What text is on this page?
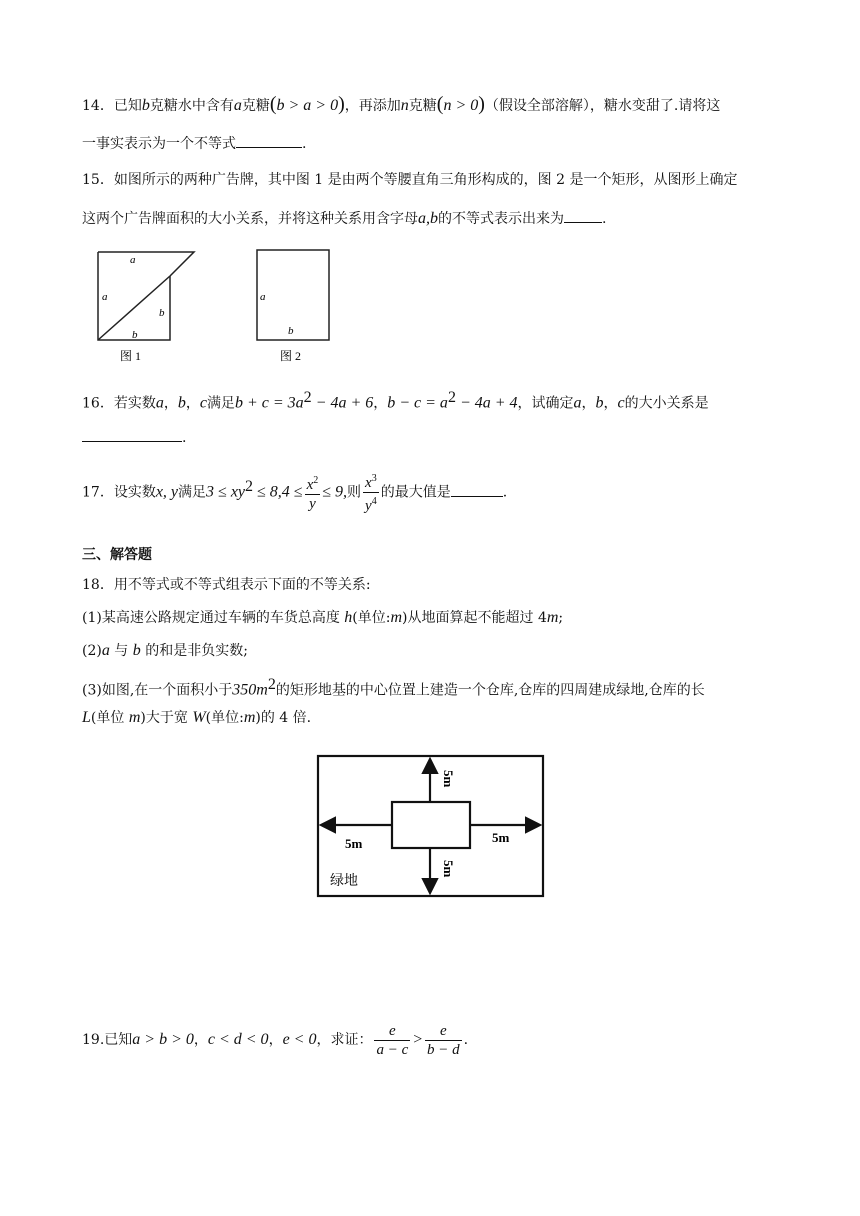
14．已知b克糖水中含有a克糖(b > a > 0)，再添加n克糖(n > 0)（假设全部溶解），糖水变甜了.请将这
一事实表示为一个不等式	.
15．如图所示的两种广告牌，其中图 1 是由两个等腰直角三角形构成的，图 2 是一个矩形，从图形上确定
这两个广告牌面积的大小关系，并将这种关系用含字母a,b的不等式表示出来为	.
a
a
b
b
图 1
a
b
图 2
16．若实数a，b，c满足$b + c = 3a^2 - 4a + 6$，$b - c = a^2 - 4a + 4$，试确定a，b，c的大小关系是
.
17．设实数x, y满足$3 \le xy^2 \le 8,4 \le \frac{x^2}{y} \le 9$,则 $\frac{x^3}{y^4}$ 的最大值是	.
三、解答题
18．用不等式或不等式组表示下面的不等关系:
(1)某高速公路规定通过车辆的车货总高度 h(单位:m)从地面算起不能超过 4m;
(2)a 与 b 的和是非负实数;
(3)如图,在一个面积小于$350m^2$的矩形地基的中心位置上建造一个仓库,仓库的四周建成绿地,仓库的长
L(单位 m)大于宽 W(单位:m)的 4 倍.
5m
5m
5m	5m
绿地
19.已知a > b > 0，c < d < 0，e < 0，求证： $\frac{e}{a - c} > \frac{e}{b - d}$ .
